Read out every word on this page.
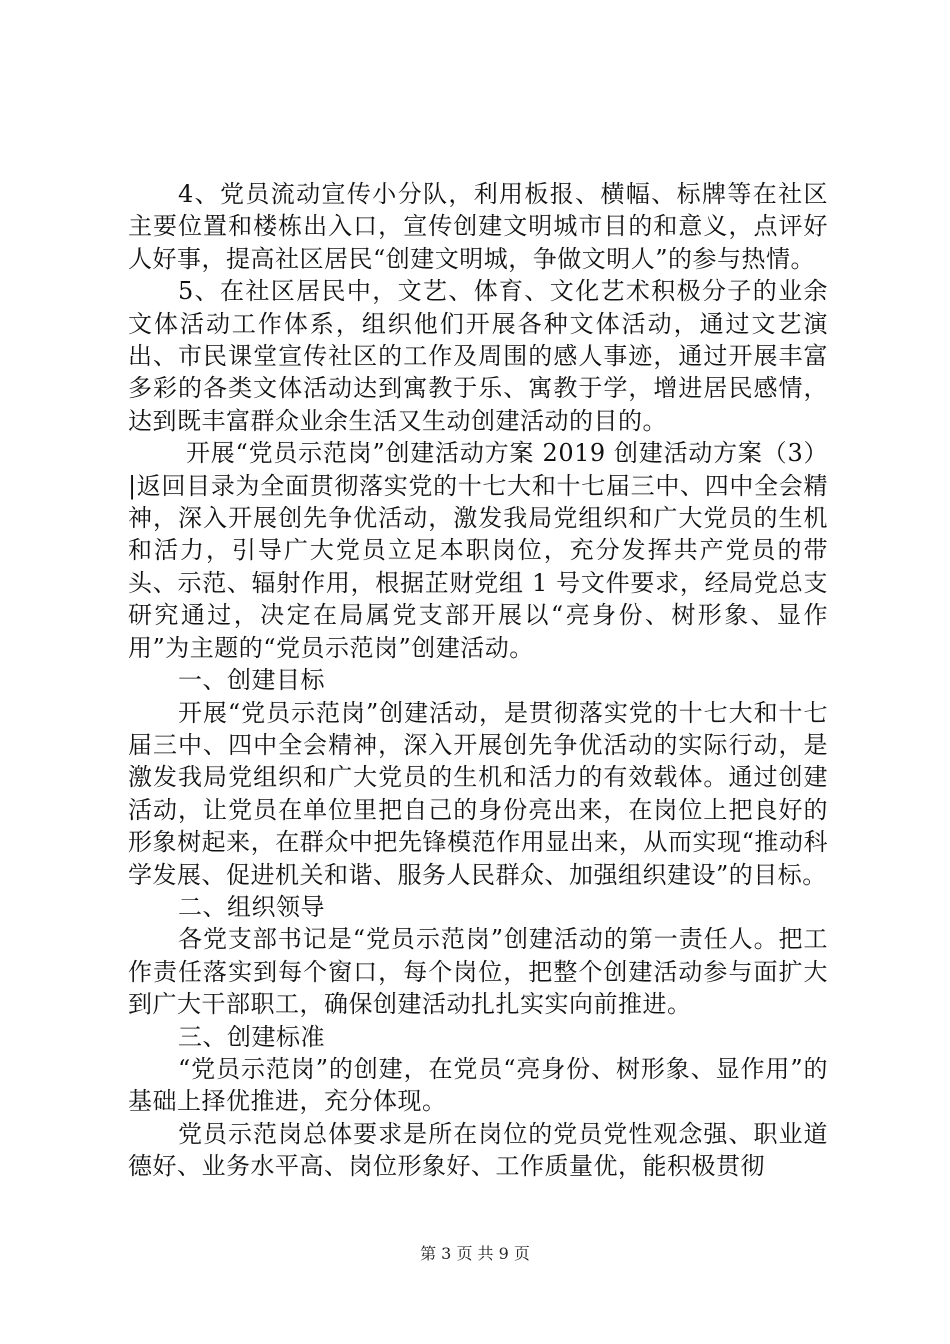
4、党员流动宣传小分队，利用板报、横幅、标牌等在社区主要位置和楼栋出入口，宣传创建文明城市目的和意义，点评好人好事，提高社区居民“创建文明城，争做文明人”的参与热情。

5、在社区居民中，文艺、体育、文化艺术积极分子的业余文体活动工作体系，组织他们开展各种文体活动，通过文艺演出、市民课堂宣传社区的工作及周围的感人事迹，通过开展丰富多彩的各类文体活动达到寓教于乐、寓教于学，增进居民感情，达到既丰富群众业余生活又生动创建活动的目的。

开展“党员示范岗”创建活动方案 2019 创建活动方案（3）|返回目录为全面贯彻落实党的十七大和十七届三中、四中全会精神，深入开展创先争优活动，激发我局党组织和广大党员的生机和活力，引导广大党员立足本职岗位，充分发挥共产党员的带头、示范、辐射作用，根据芷财党组 1 号文件要求，经局党总支研究通过，决定在局属党支部开展以“亮身份、树形象、显作用”为主题的“党员示范岗”创建活动。

一、创建目标

开展“党员示范岗”创建活动，是贯彻落实党的十七大和十七届三中、四中全会精神，深入开展创先争优活动的实际行动，是激发我局党组织和广大党员的生机和活力的有效载体。通过创建活动，让党员在单位里把自己的身份亮出来，在岗位上把良好的形象树起来，在群众中把先锋模范作用显出来，从而实现“推动科学发展、促进机关和谐、服务人民群众、加强组织建设”的目标。

二、组织领导

各党支部书记是“党员示范岗”创建活动的第一责任人。把工作责任落实到每个窗口，每个岗位，把整个创建活动参与面扩大到广大干部职工，确保创建活动扎扎实实向前推进。

三、创建标准

“党员示范岗”的创建，在党员“亮身份、树形象、显作用”的基础上择优推进，充分体现。

党员示范岗总体要求是所在岗位的党员党性观念强、职业道德好、业务水平高、岗位形象好、工作质量优，能积极贯彻

第 3 页 共 9 页
